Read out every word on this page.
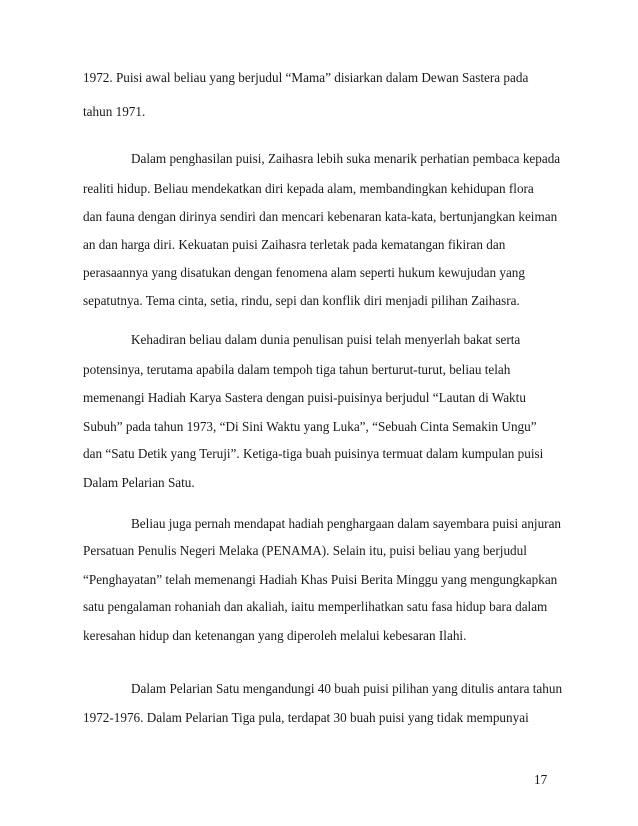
1972. Puisi awal beliau yang berjudul “Mama” disiarkan dalam Dewan Sastera pada
tahun 1971.
Dalam penghasilan puisi, Zaihasra lebih suka menarik perhatian pembaca kepada
realiti hidup. Beliau mendekatkan diri kepada alam, membandingkan kehidupan flora
dan fauna dengan dirinya sendiri dan mencari kebenaran kata-kata, bertunjangkan keiman
an dan harga diri. Kekuatan puisi Zaihasra terletak pada kematangan fikiran dan
perasaannya yang disatukan dengan fenomena alam seperti hukum kewujudan yang
sepatutnya. Tema cinta, setia, rindu, sepi dan konflik diri menjadi pilihan Zaihasra.
Kehadiran beliau dalam dunia penulisan puisi telah menyerlah bakat serta
potensinya, terutama apabila dalam tempoh tiga tahun berturut-turut, beliau telah
memenangi Hadiah Karya Sastera dengan puisi-puisinya berjudul “Lautan di Waktu
Subuh” pada tahun 1973, “Di Sini Waktu yang Luka”, “Sebuah Cinta Semakin Ungu”
dan “Satu Detik yang Teruji”. Ketiga-tiga buah puisinya termuat dalam kumpulan puisi
Dalam Pelarian Satu.
Beliau juga pernah mendapat hadiah penghargaan dalam sayembara puisi anjuran
Persatuan Penulis Negeri Melaka (PENAMA). Selain itu, puisi beliau yang berjudul
“Penghayatan” telah memenangi Hadiah Khas Puisi Berita Minggu yang mengungkapkan
satu pengalaman rohaniah dan akaliah, iaitu memperlihatkan satu fasa hidup bara dalam
keresahan hidup dan ketenangan yang diperoleh melalui kebesaran Ilahi.
Dalam Pelarian Satu mengandungi 40 buah puisi pilihan yang ditulis antara tahun
1972-1976. Dalam Pelarian Tiga pula, terdapat 30 buah puisi yang tidak mempunyai
17
